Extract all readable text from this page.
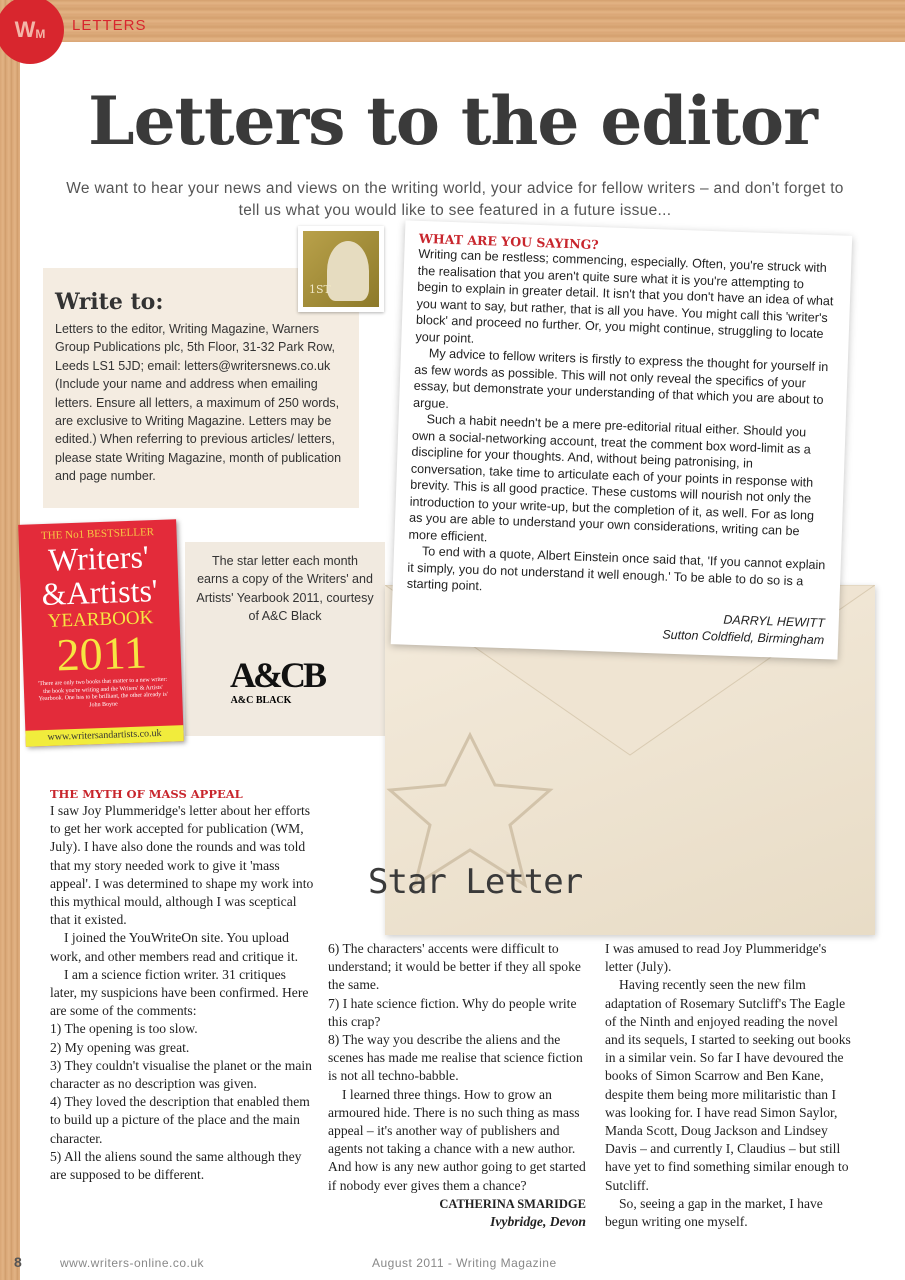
W M LETTERS
Letters to the editor

We want to hear your news and views on the writing world, your advice for fellow writers – and don't forget to tell us what you would like to see featured in a future issue...

Write to:

Letters to the editor, Writing Magazine, Warners Group Publications plc, 5th Floor, 31-32 Park Row, Leeds LS1 5JD; email: letters@writersnews.co.uk (Include your name and address when emailing letters. Ensure all letters, a maximum of 250 words, are exclusive to Writing Magazine. Letters may be edited.) When referring to previous articles/ letters, please state Writing Magazine, month of publication and page number.

1ST

The star letter each month earns a copy of the Writers' and Artists' Yearbook 2011, courtesy of A&C Black

A&CB
A&C BLACK
THE No1 BESTSELLER
Writers'
&Artists'
YEARBOOK
2011
'There are only two books that matter to a new writer: the book you're writing and the Writers' & Artists' Yearbook. One has to be brilliant, the other already is' John Boyne
www.writersandartists.co.uk
Star Letter
WHAT ARE YOU SAYING?

Writing can be restless; commencing, especially. Often, you're struck with the realisation that you aren't quite sure what it is you're attempting to begin to explain in greater detail. It isn't that you don't have an idea of what you want to say, but rather, that is all you have. You might call this 'writer's block' and proceed no further. Or, you might continue, struggling to locate your point.

My advice to fellow writers is firstly to express the thought for yourself in as few words as possible. This will not only reveal the specifics of your essay, but demonstrate your understanding of that which you are about to argue.

Such a habit needn't be a mere pre-editorial ritual either. Should you own a social-networking account, treat the comment box word-limit as a discipline for your thoughts. And, without being patronising, in conversation, take time to articulate each of your points in response with brevity. This is all good practice. These customs will nourish not only the introduction to your write-up, but the completion of it, as well. For as long as you are able to understand your own considerations, writing can be more efficient.

To end with a quote, Albert Einstein once said that, 'If you cannot explain it simply, you do not understand it well enough.' To be able to do so is a starting point.

DARRYL HEWITT

Sutton Coldfield, Birmingham

THE MYTH OF MASS APPEAL

I saw Joy Plummeridge's letter about her efforts to get her work accepted for publication (WM, July). I have also done the rounds and was told that my story needed work to give it 'mass appeal'. I was determined to shape my work into this mythical mould, although I was sceptical that it existed.

I joined the YouWriteOn site. You upload work, and other members read and critique it.

I am a science fiction writer. 31 critiques later, my suspicions have been confirmed. Here are some of the comments:

1) The opening is too slow.

2) My opening was great.

3) They couldn't visualise the planet or the main character as no description was given.

4) They loved the description that enabled them to build up a picture of the place and the main character.

5) All the aliens sound the same although they are supposed to be different.

6) The characters' accents were difficult to understand; it would be better if they all spoke the same.

7) I hate science fiction. Why do people write this crap?

8) The way you describe the aliens and the scenes has made me realise that science fiction is not all techno-babble.

I learned three things. How to grow an armoured hide. There is no such thing as mass appeal – it's another way of publishers and agents not taking a chance with a new author. And how is any new author going to get started if nobody ever gives them a chance?

CATHERINA SMARIDGE

Ivybridge, Devon

I was amused to read Joy Plummeridge's letter (July).

Having recently seen the new film adaptation of Rosemary Sutcliff's The Eagle of the Ninth and enjoyed reading the novel and its sequels, I started to seeking out books in a similar vein. So far I have devoured the books of Simon Scarrow and Ben Kane, despite them being more militaristic than I was looking for. I have read Simon Saylor, Manda Scott, Doug Jackson and Lindsey Davis – and currently I, Claudius – but still have yet to find something similar enough to Sutcliff.

So, seeing a gap in the market, I have begun writing one myself.

8	www.writers-online.co.uk	August 2011 - Writing Magazine
